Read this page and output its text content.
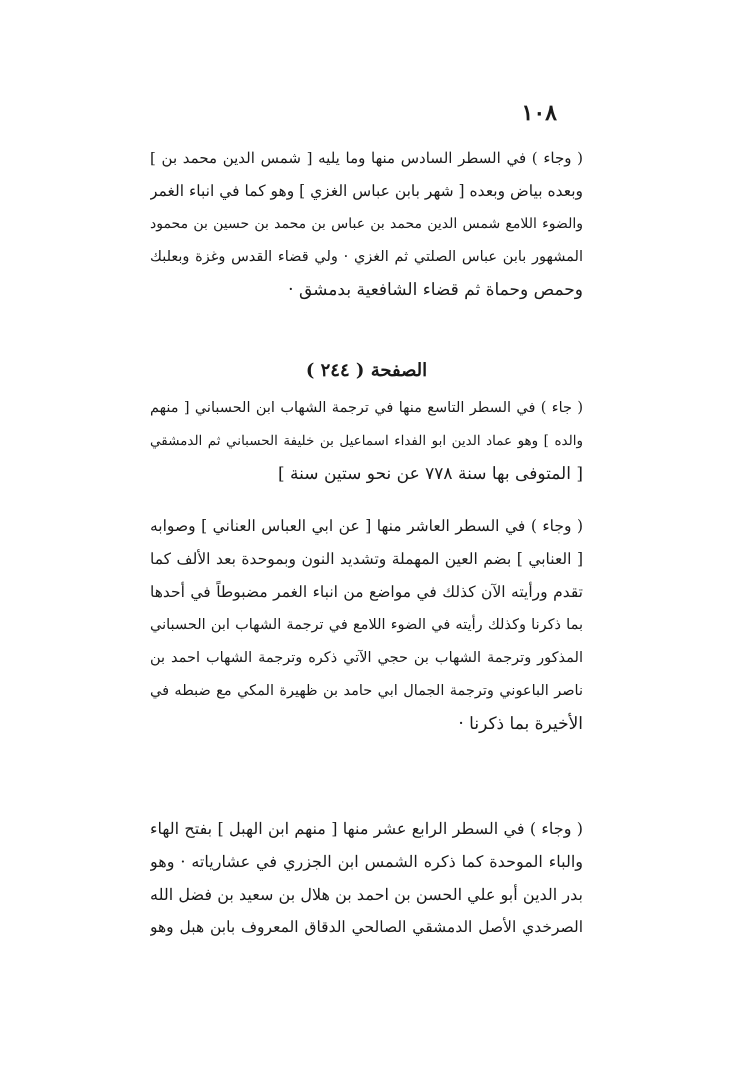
١٠٨
( وجاء ) في السطر السادس منها وما يليه [ شمس الدين محمد بن ]
وبعده بياض وبعده [ شهر بابن عباس الغزي ] وهو كما في انباء الغمر
والضوء اللامع شمس الدين محمد بن عباس بن محمد بن حسين بن محمود
المشهور بابن عباس الصلتي ثم الغزي · ولي قضاء القدس وغزة وبعلبك
وحمص وحماة ثم قضاء الشافعية بدمشق ·
الصفحة ( ٢٤٤ )
( جاء ) في السطر التاسع منها في ترجمة الشهاب ابن الحسباني [ منهم
والده ] وهو عماد الدين ابو الفداء اسماعيل بن خليفة الحسباني ثم الدمشقي
[ المتوفى بها سنة ٧٧٨ عن نحو ستين سنة ]
( وجاء ) في السطر العاشر منها [ عن ابي العباس العناني ] وصوابه
[ العنابي ] بضم العين المهملة وتشديد النون وبموحدة بعد الألف كما
تقدم ورأيته الآن كذلك في مواضع من انباء الغمر مضبوطاً في أحدها
بما ذكرنا وكذلك رأيته في الضوء اللامع في ترجمة الشهاب ابن الحسباني
المذكور وترجمة الشهاب بن حجي الآتي ذكره وترجمة الشهاب احمد بن
ناصر الباعوني وترجمة الجمال ابي حامد بن ظهيرة المكي مع ضبطه في
الأخيرة بما ذكرنا ·
( وجاء ) في السطر الرابع عشر منها [ منهم ابن الهبل ] بفتح الهاء
والباء الموحدة كما ذكره الشمس ابن الجزري في عشارياته · وهو
بدر الدين أبو علي الحسن بن احمد بن هلال بن سعيد بن فضل الله
الصرخدي الأصل الدمشقي الصالحي الدقاق المعروف بابن هبل وهو
